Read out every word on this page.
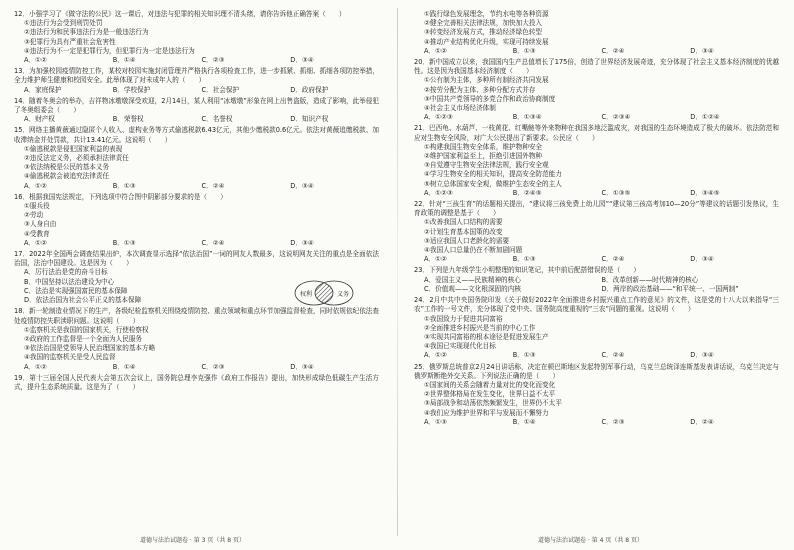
12．小强学习了《做守法的公民》这一课后，对违法与犯罪的相关知识理不清头绪，请你告诉他正确答案（　　）
①违法行为会受到刑罚处罚
②违法行为和民事违法行为是一般违法行为
③犯罪行为具有严重社会危害性
④违法行为不一定是犯罪行为，但犯罪行为一定是违法行为
A．①②	B．①④	C．②③	D．③④
13．为加强校园疫情防控工作，某校对校园实施封闭管理并严格执行各项检查工作，进一步抓紧、抓细、抓细各项防控举措，全力维护师生健康和校园安全。此举体现了对未成年人的（　　）
A．家庭保护	B．学校保护	C．社会保护	D．政府保护
14．随着冬奥会的举办，吉祥物冰墩墩深受欢迎，2月14日，某人利用“冰墩墩”形象在网上出售盗版，造成了影响，此举侵犯了冬奥组委会（　　）
A．财产权	B．荣誉权	C．名誉权	D．知识产权
15．网络主播黄薇通过隐匿个人收入、虚构业务等方式偷逃税款6.43亿元，其他少缴税款0.6亿元。依法对黄薇追缴税款、加收滞纳金并处罚款，共计13.41亿元。这说明（　　）
①偷逃税款是侵犯国家利益的表现
②违反法定义务，必须承担法律责任
③依法纳税是公民的基本义务
④偷逃税款会被追究法律责任
A．①②	B．①③	C．②④	D．③④
16．根据我国宪法规定，下列选项中符合图中阴影部分要求的是（　　）
①服兵役
②劳动
③人身自由
④受教育
A．①②	B．①③	C．②④	D．③④
17．2022年全国两会调查结果出炉，本次调查显示选择“依法治国”一词的网友人数最多，这说明网友关注的重点是全面依法治国，法治中国建设。这是因为（　　）
A．厉行法治是党的奋斗目标
B．中国坚持以法治建设为中心
C．法治是实现强国富民的基本保障
D．依法治国为社会公平正义的基本保障
18．新一轮制造业情况下的生产，各级纪检监察机关围绕疫情防控、重点领域和重点环节加强监督检查，同时依规依纪依法查处疫情防控失职渎职问题。这说明（　　）
①监察机关是我国的国家机关，行使检察权
②政府的工作监督是一个全面为人民服务
③依法治国是党领导人民治理国家的基本方略
④我国的监察机关是受人民监督
A．①②	B．①④	C．②③	D．③④
19．第十三届全国人民代表大会第五次会议上，国务院总理李克强作《政府工作报告》提出，加快形成绿色低碳生产生活方式，提升生态系统质量。这是为了（　　）
①践行绿色发展理念，节约水电等各种资源
②健全完善相关法律法规，加快加大投入
③转变经济发展方式，推动经济绿色转型
④推动产业结构优化升级，实现可持续发展
A．①②	B．①③	C．②④	D．③④
20．新中国成立以来，我国国内生产总值增长了175倍，创造了世界经济发展奇迹，充分体现了社会主义基本经济制度的优越性。这是因为我国基本经济制度（　　）
①公有制为主体，多种所有制经济共同发展
②按劳分配为主体、多种分配方式并存
③中国共产党领导的多党合作和政治协商制度
④社会主义市场经济体制
A．①②③	B．①③④	C．②③④	D．①②④
21．巴西龟、水葫芦、一枝黄花、红嘴鲢等外来物种在我国多地泛滥成灾，对我国的生态环境造成了极大的破坏。依法防范和应对生物安全风险，对广大公民提出了新要求。公民应（　　）
①构建我国生物安全体系，维护物种安全
②维护国家利益至上，拒绝引进国外物种
③自觉遵守生物安全法律法规，践行安全观
④学习生物安全的相关知识，提高安全防范能力
⑤树立总体国家安全观，做维护生态安全的主人
A．①②③	B．②④⑤	C．①③⑤	D．③④⑤
22．针对“三孩生育”的话题相关提出，“建议将三孩免费上幼儿园”“建议第三孩高考加10—20分”等建议的话题引发热议，生育政策的调整是基于（　　）
①改善我国人口结构的需要
②计划生育基本国策的改变
③适应我国人口老龄化的需要
④我国人口总量仍在不断加剧问题
A．①②	B．①③	C．②④	D．③④
23．下列是九年级学生小明整理的知识笔记，其中前后配搭错误的是（　　）
A．爱国主义——民族精神的核心	B．改革创新——时代精神的核心
C．价值观——文化根深固的内核	D．两岸的政治基础——“和平统一、一国两制”
24．2月中共中央国务院印发《关于做好2022年全面推进乡村振兴重点工作的意见》的文件，这是党的十八大以来指导“三农”工作的一号文件，充分体现了党中央、国务院高度重视的“三农”问题的重视。这说明（　　）
①我国致力于促进共同富裕
②全面推进乡村振兴是当前的中心工作
③实现共同富裕的根本途径是促进发展生产
④我国已实现现代化目标
A．①②	B．①③	C．②④	D．③④
25．俄罗斯总统普京2月24日讲话称，决定在顿巴斯地区发起特别军事行动，乌克兰总统泽连斯基发表讲话说，乌克兰决定与俄罗斯断绝外交关系。下列说法正确的是（　　）
①国家间的关系会随着力量对比的变化而变化
②世界整体格局在发生变化，世界日益不太平
③局部战争和动荡依然频繁发生，世界仍不太平
④我们应为维护世界和平与发展而不懈努力
A．①③	B．①④	C．②③	D．②④
权利	义务
道德与法治试题卷 · 第 3 页（共 8 页）	道德与法治试题卷 · 第 4 页（共 8 页）
